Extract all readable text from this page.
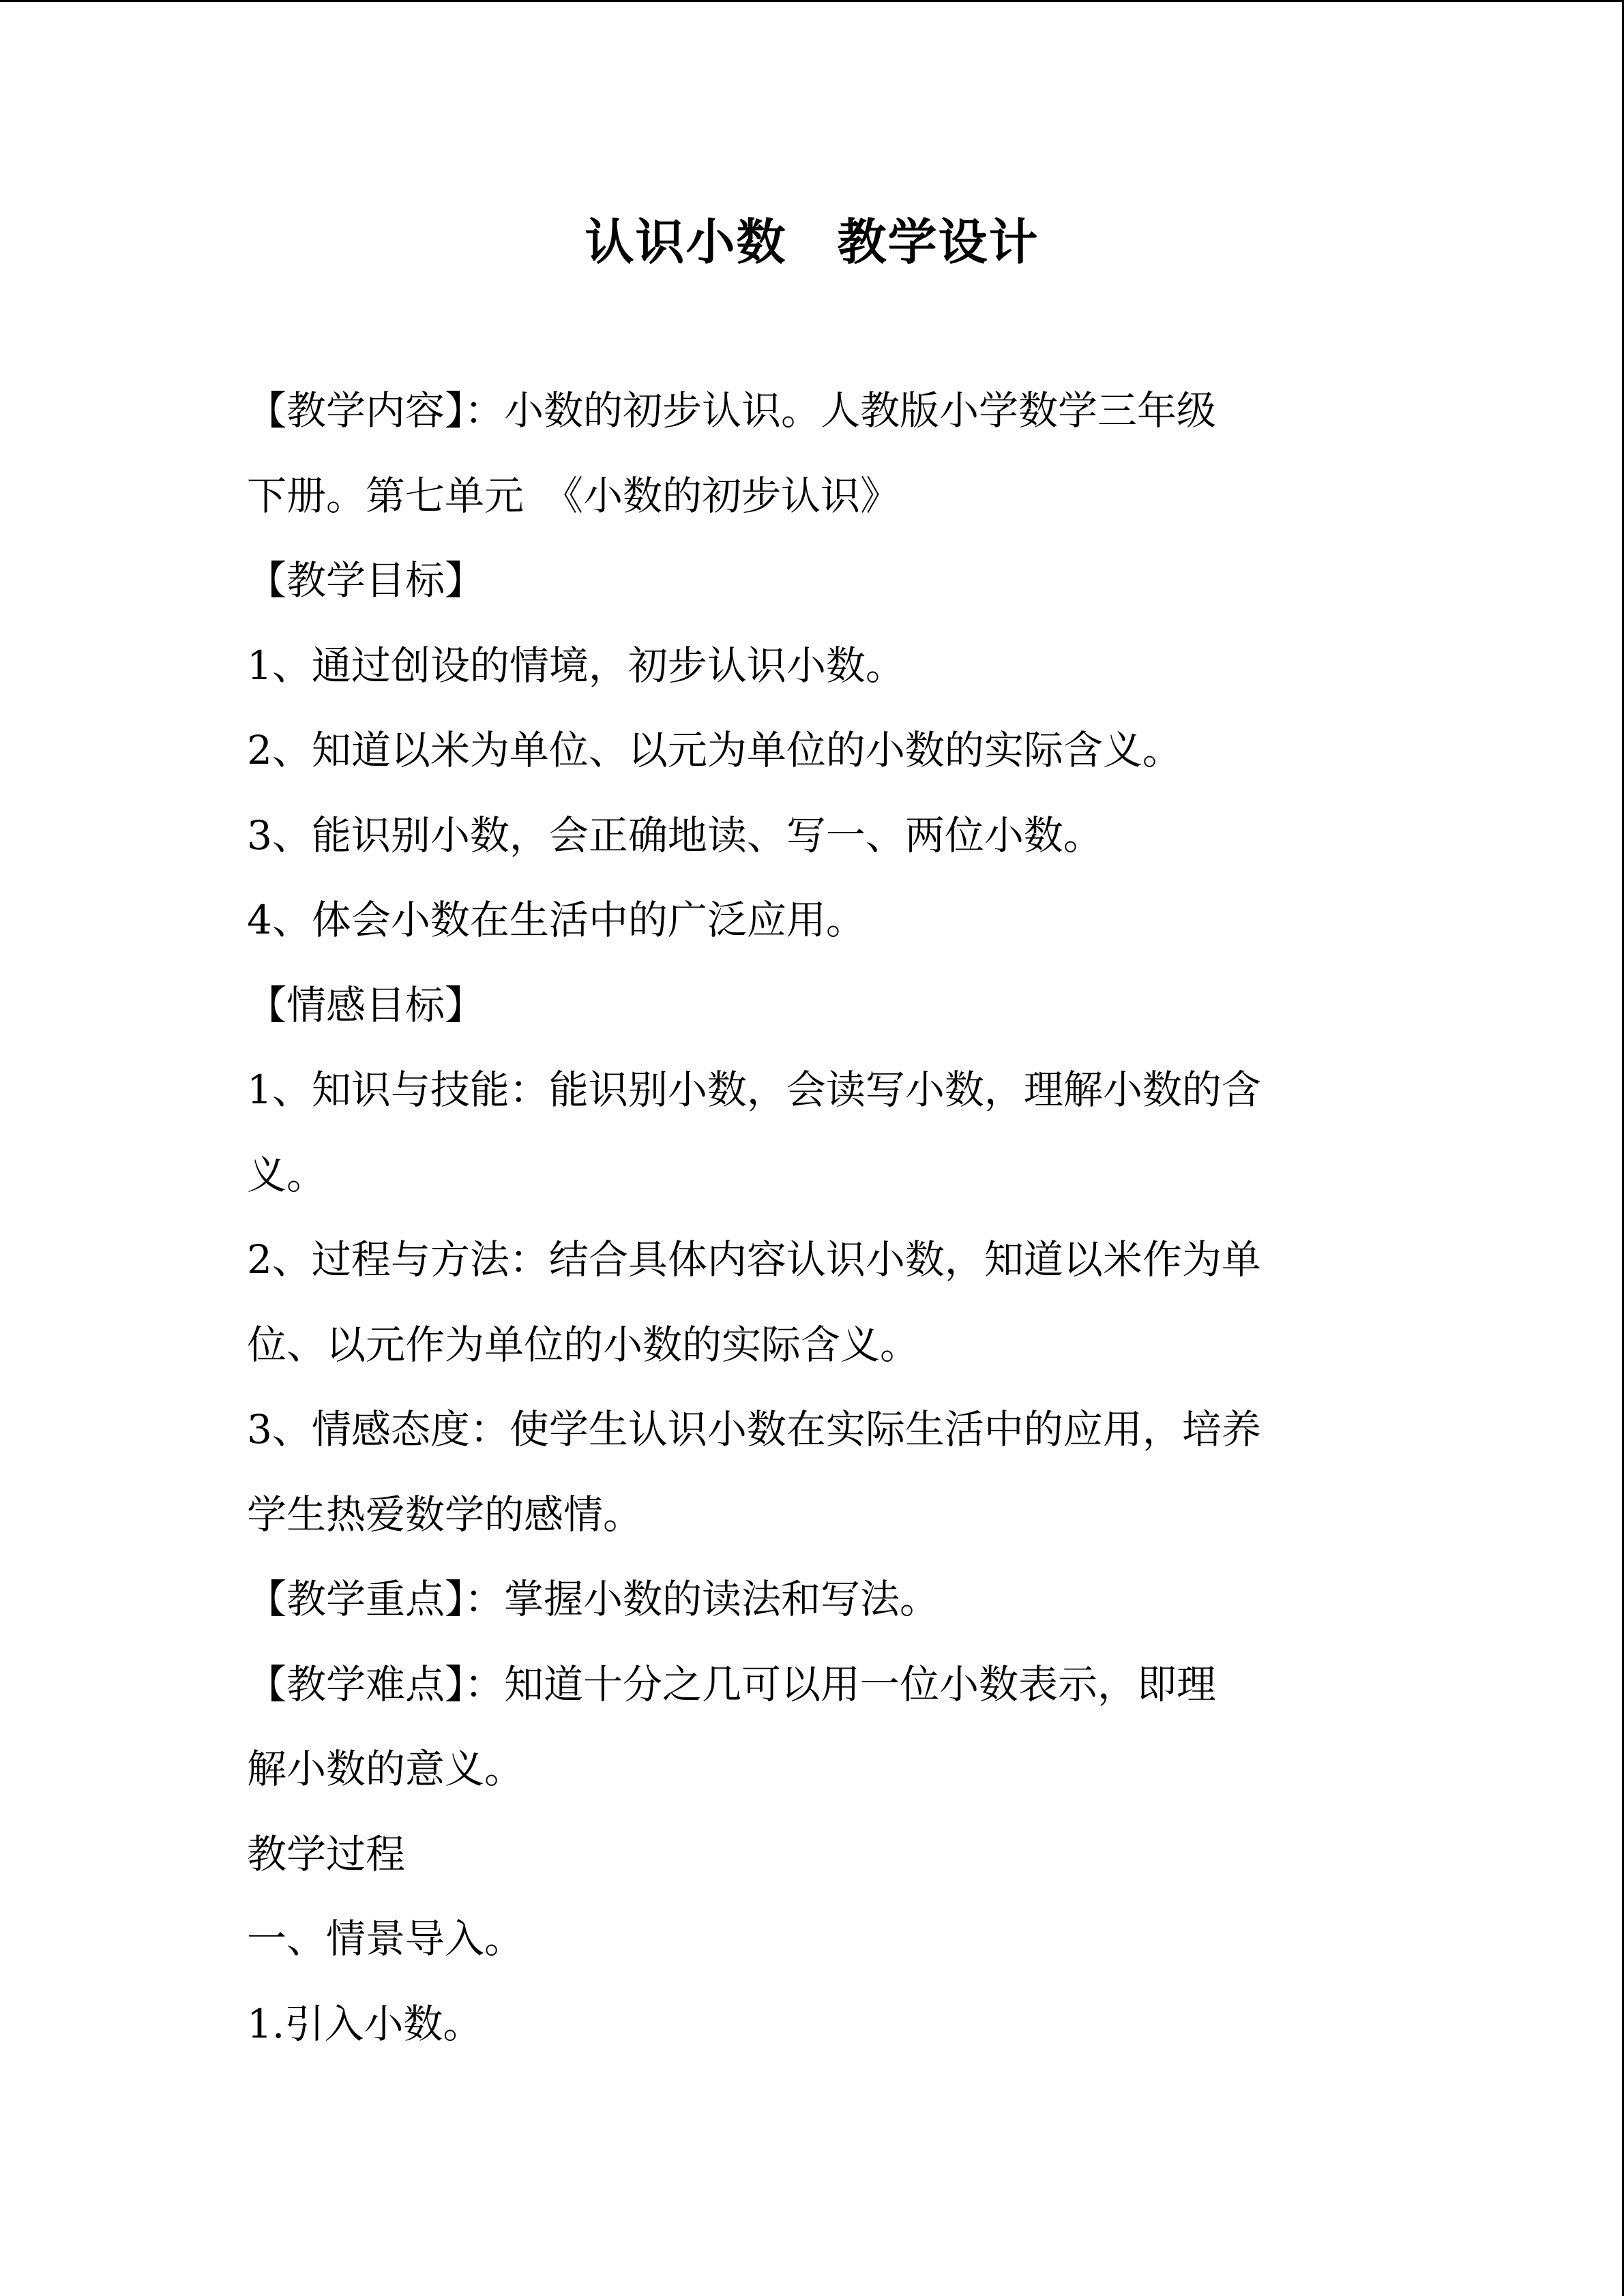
认识小数　教学设计

【教学内容】：小数的初步认识。人教版小学数学三年级

下册。第七单元　《小数的初步认识》

【教学目标】

1、通过创设的情境，初步认识小数。

2、知道以米为单位、以元为单位的小数的实际含义。

3、能识别小数，会正确地读、写一、两位小数。

4、体会小数在生活中的广泛应用。

【情感目标】

1、知识与技能：能识别小数，会读写小数，理解小数的含

义。

2、过程与方法：结合具体内容认识小数，知道以米作为单

位、以元作为单位的小数的实际含义。

3、情感态度：使学生认识小数在实际生活中的应用，培养

学生热爱数学的感情。

【教学重点】：掌握小数的读法和写法。

【教学难点】：知道十分之几可以用一位小数表示，即理

解小数的意义。

教学过程

一、情景导入。

1.引入小数。
